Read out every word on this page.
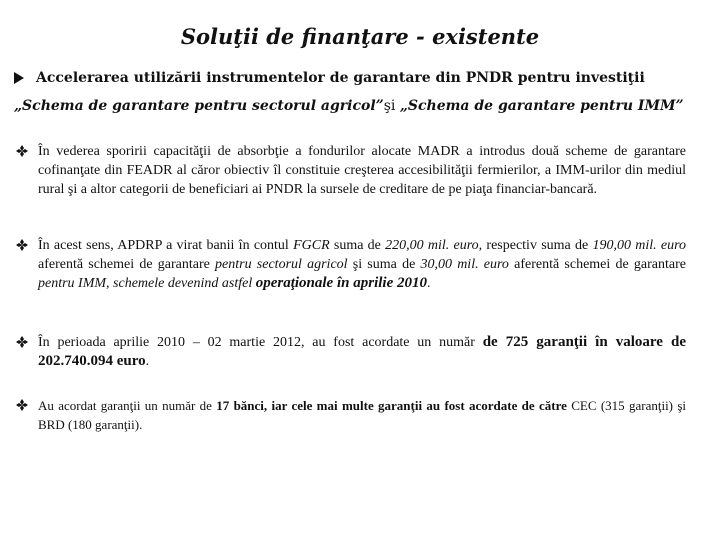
Soluţii de finanţare - existente
Accelerarea utilizării instrumentelor de garantare din PNDR pentru investiţii
„Schema de garantare pentru sectorul agricol”şi „Schema de garantare pentru IMM”
În vederea sporirii capacităţii de absorbţie a fondurilor alocate MADR a introdus două scheme de garantare cofinanţate din FEADR al căror obiectiv îl constituie creşterea accesibilităţii fermierilor, a IMM-urilor din mediul rural şi a altor categorii de beneficiari ai PNDR la sursele de creditare de pe piaţa financiar-bancară.
În acest sens, APDRP a virat banii în contul FGCR suma de 220,00 mil. euro, respectiv suma de 190,00 mil. euro aferentă schemei de garantare pentru sectorul agricol şi suma de 30,00 mil. euro aferentă schemei de garantare pentru IMM, schemele devenind astfel operaţionale în aprilie 2010.
În perioada aprilie 2010 – 02 martie 2012, au fost acordate un număr de 725 garanţii în valoare de 202.740.094 euro.
Au acordat garanţii un număr de 17 bănci, iar cele mai multe garanţii au fost acordate de către CEC (315 garanţii) şi BRD (180 garanţii).
